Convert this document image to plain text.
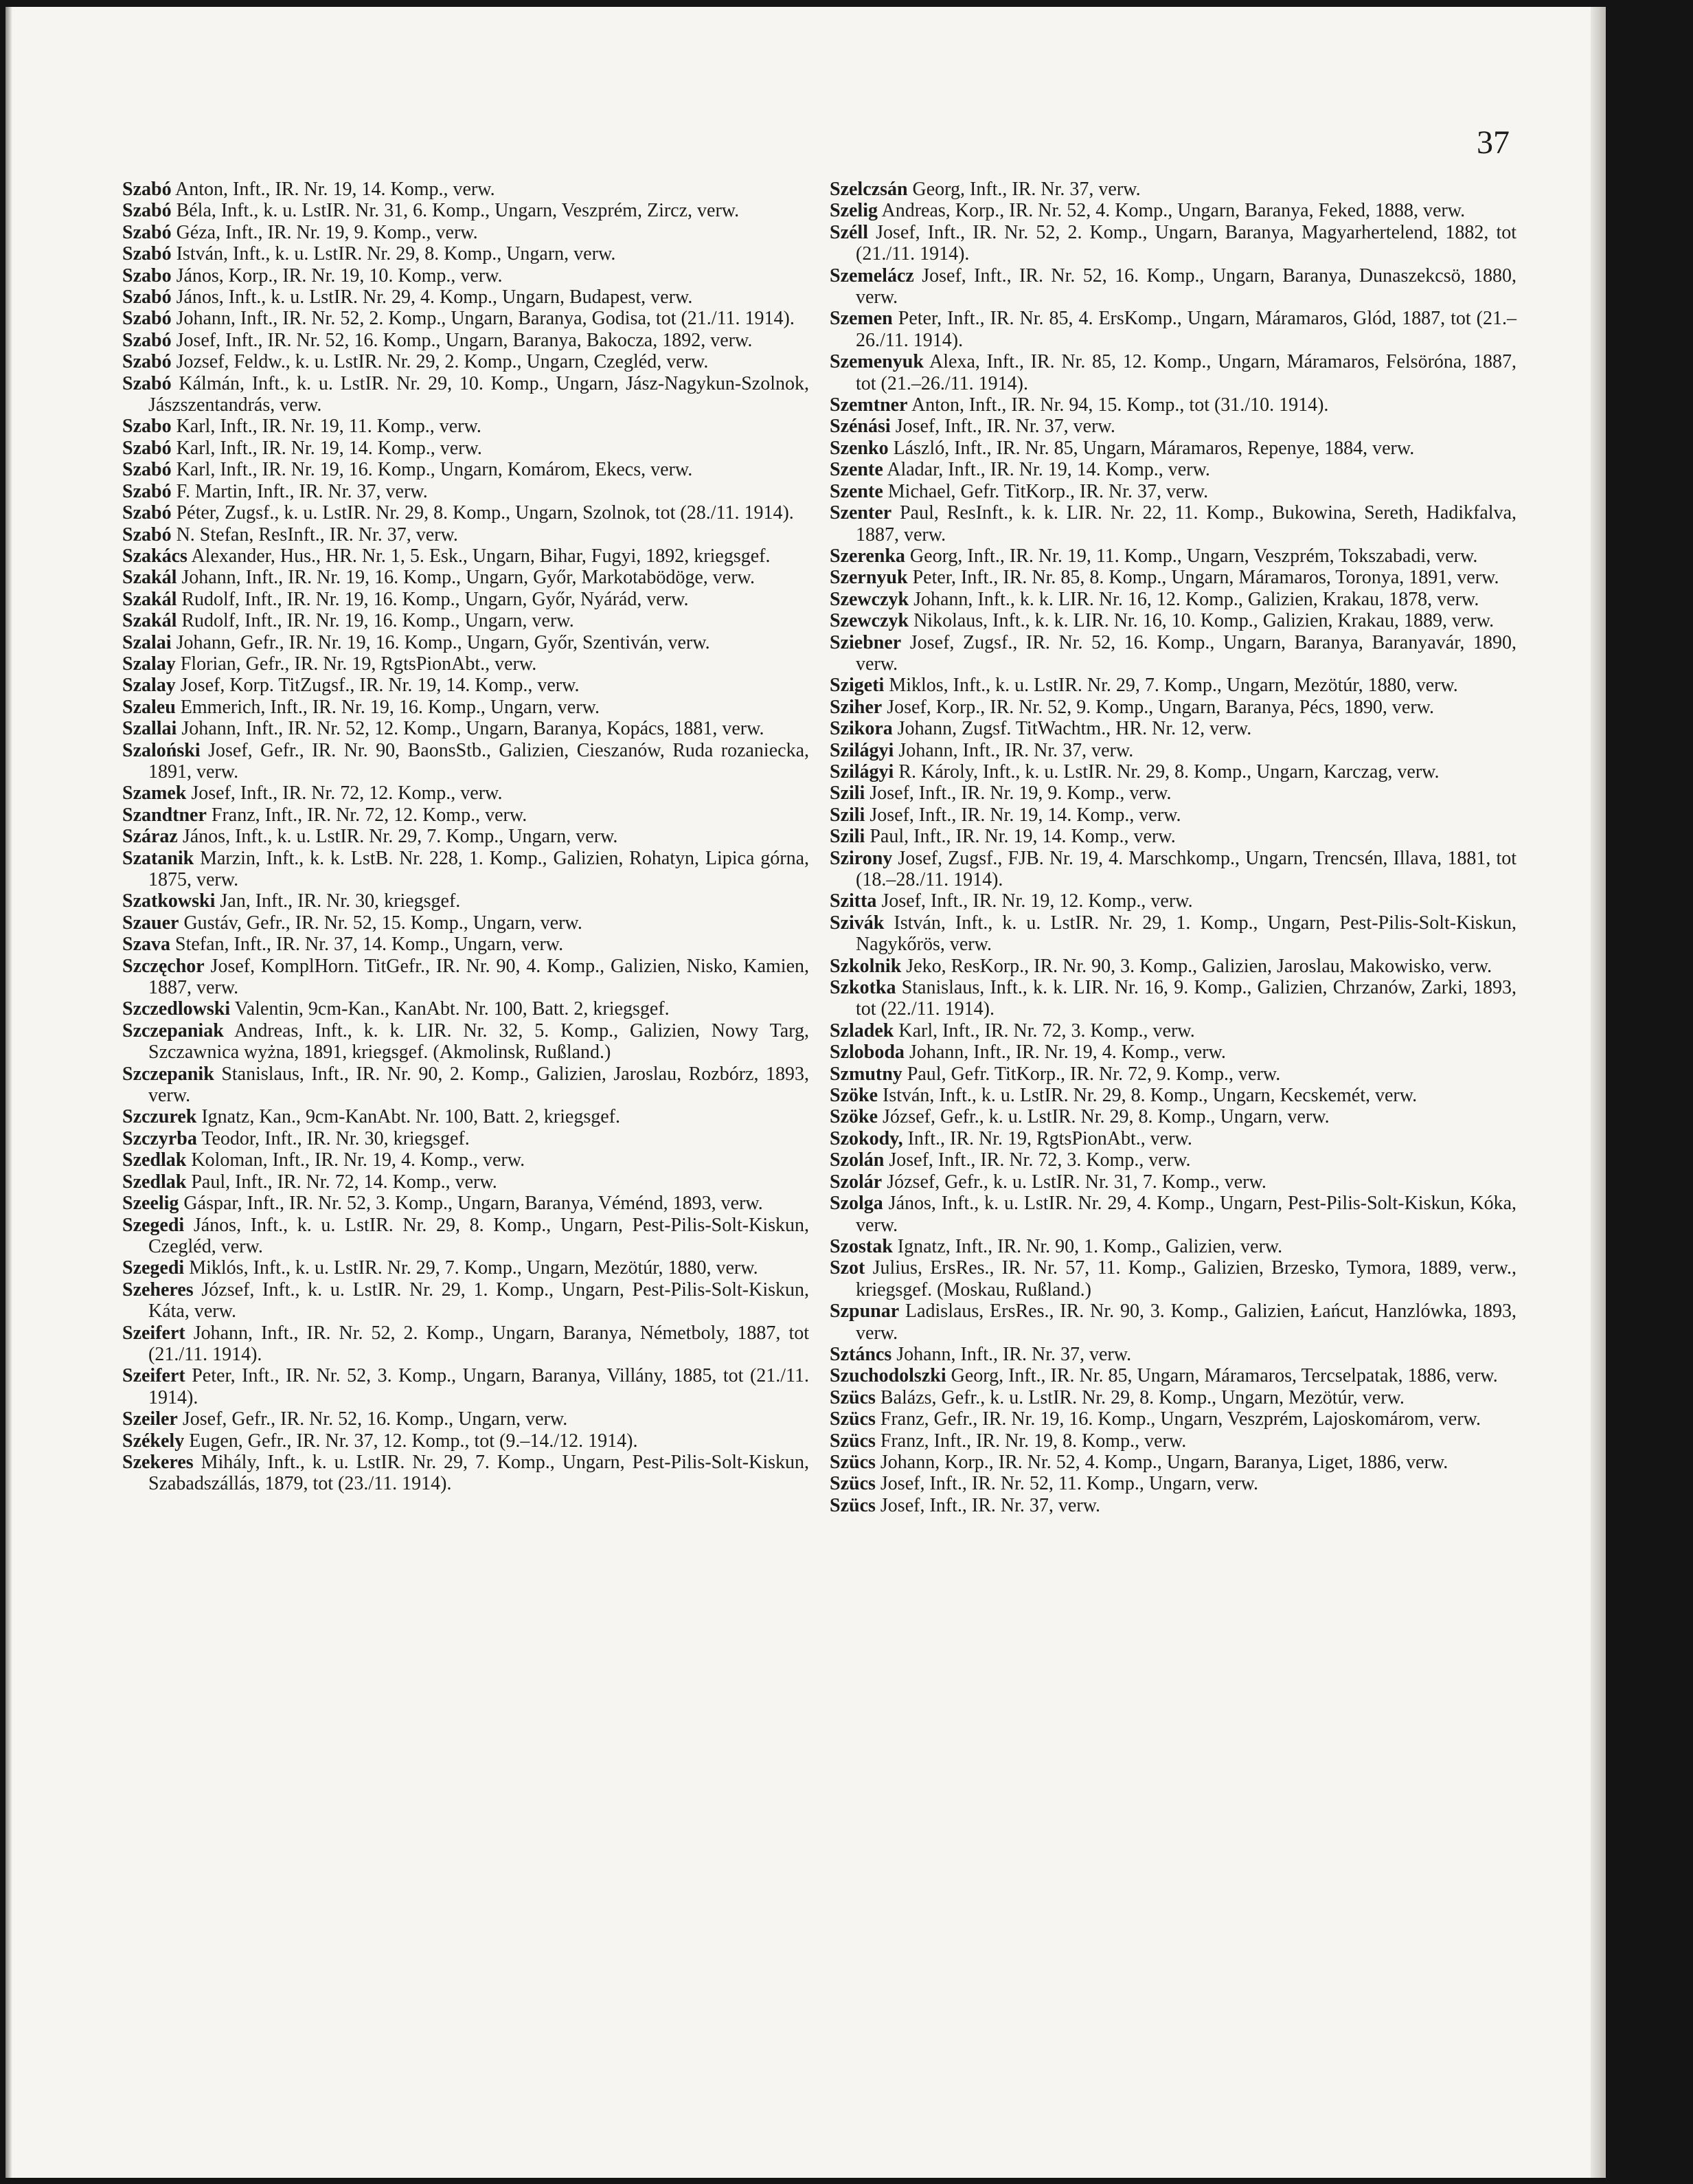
37
Szabó Anton, Inft., IR. Nr. 19, 14. Komp., verw.
Szabó Béla, Inft., k. u. LstIR. Nr. 31, 6. Komp., Ungarn, Veszprém, Zircz, verw.
Szabó Géza, Inft., IR. Nr. 19, 9. Komp., verw.
Szabó István, Inft., k. u. LstIR. Nr. 29, 8. Komp., Ungarn, verw.
Szabo János, Korp., IR. Nr. 19, 10. Komp., verw.
Szabó János, Inft., k. u. LstIR. Nr. 29, 4. Komp., Ungarn, Budapest, verw.
Szabó Johann, Inft., IR. Nr. 52, 2. Komp., Ungarn, Baranya, Godisa, tot (21./11. 1914).
Szabó Josef, Inft., IR. Nr. 52, 16. Komp., Ungarn, Baranya, Bakocza, 1892, verw.
Szabó Jozsef, Feldw., k. u. LstIR. Nr. 29, 2. Komp., Ungarn, Czegléd, verw.
Szabó Kálmán, Inft., k. u. LstIR. Nr. 29, 10. Komp., Ungarn, Jász-Nagykun-Szolnok, Jászszentandrás, verw.
Szabo Karl, Inft., IR. Nr. 19, 11. Komp., verw.
Szabó Karl, Inft., IR. Nr. 19, 14. Komp., verw.
Szabó Karl, Inft., IR. Nr. 19, 16. Komp., Ungarn, Komárom, Ekecs, verw.
Szabó F. Martin, Inft., IR. Nr. 37, verw.
Szabó Péter, Zugsf., k. u. LstIR. Nr. 29, 8. Komp., Ungarn, Szolnok, tot (28./11. 1914).
Szabó N. Stefan, ResInft., IR. Nr. 37, verw.
Szakács Alexander, Hus., HR. Nr. 1, 5. Esk., Ungarn, Bihar, Fugyi, 1892, kriegsgef.
Szakál Johann, Inft., IR. Nr. 19, 16. Komp., Ungarn, Győr, Markotabödöge, verw.
Szakál Rudolf, Inft., IR. Nr. 19, 16. Komp., Ungarn, Győr, Nyárád, verw.
Szakál Rudolf, Inft., IR. Nr. 19, 16. Komp., Ungarn, verw.
Szalai Johann, Gefr., IR. Nr. 19, 16. Komp., Ungarn, Győr, Szentiván, verw.
Szalay Florian, Gefr., IR. Nr. 19, RgtsPionAbt., verw.
Szalay Josef, Korp. TitZugsf., IR. Nr. 19, 14. Komp., verw.
Szaleu Emmerich, Inft., IR. Nr. 19, 16. Komp., Ungarn, verw.
Szallai Johann, Inft., IR. Nr. 52, 12. Komp., Ungarn, Baranya, Kopács, 1881, verw.
Szaloński Josef, Gefr., IR. Nr. 90, BaonsStb., Galizien, Cieszanów, Ruda rozaniecka, 1891, verw.
Szamek Josef, Inft., IR. Nr. 72, 12. Komp., verw.
Szandtner Franz, Inft., IR. Nr. 72, 12. Komp., verw.
Száraz János, Inft., k. u. LstIR. Nr. 29, 7. Komp., Ungarn, verw.
Szatanik Marzin, Inft., k. k. LstB. Nr. 228, 1. Komp., Galizien, Rohatyn, Lipica górna, 1875, verw.
Szatkowski Jan, Inft., IR. Nr. 30, kriegsgef.
Szauer Gustáv, Gefr., IR. Nr. 52, 15. Komp., Ungarn, verw.
Szava Stefan, Inft., IR. Nr. 37, 14. Komp., Ungarn, verw.
Szczęchor Josef, KomplHorn. TitGefr., IR. Nr. 90, 4. Komp., Galizien, Nisko, Kamien, 1887, verw.
Szczedlowski Valentin, 9cm-Kan., KanAbt. Nr. 100, Batt. 2, kriegsgef.
Szczepaniak Andreas, Inft., k. k. LIR. Nr. 32, 5. Komp., Galizien, Nowy Targ, Szczawnica wyżna, 1891, kriegsgef. (Akmolinsk, Rußland.)
Szczepanik Stanislaus, Inft., IR. Nr. 90, 2. Komp., Galizien, Jaroslau, Rozbórz, 1893, verw.
Szczurek Ignatz, Kan., 9cm-KanAbt. Nr. 100, Batt. 2, kriegsgef.
Szczyrba Teodor, Inft., IR. Nr. 30, kriegsgef.
Szedlak Koloman, Inft., IR. Nr. 19, 4. Komp., verw.
Szedlak Paul, Inft., IR. Nr. 72, 14. Komp., verw.
Szeelig Gáspar, Inft., IR. Nr. 52, 3. Komp., Ungarn, Baranya, Véménd, 1893, verw.
Szegedi János, Inft., k. u. LstIR. Nr. 29, 8. Komp., Ungarn, Pest-Pilis-Solt-Kiskun, Czegléd, verw.
Szegedi Miklós, Inft., k. u. LstIR. Nr. 29, 7. Komp., Ungarn, Mezötúr, 1880, verw.
Szeheres József, Inft., k. u. LstIR. Nr. 29, 1. Komp., Ungarn, Pest-Pilis-Solt-Kiskun, Káta, verw.
Szeifert Johann, Inft., IR. Nr. 52, 2. Komp., Ungarn, Baranya, Németboly, 1887, tot (21./11. 1914).
Szeifert Peter, Inft., IR. Nr. 52, 3. Komp., Ungarn, Baranya, Villány, 1885, tot (21./11. 1914).
Szeiler Josef, Gefr., IR. Nr. 52, 16. Komp., Ungarn, verw.
Székely Eugen, Gefr., IR. Nr. 37, 12. Komp., tot (9.–14./12. 1914).
Szekeres Mihály, Inft., k. u. LstIR. Nr. 29, 7. Komp., Ungarn, Pest-Pilis-Solt-Kiskun, Szabadszállás, 1879, tot (23./11. 1914).
Szelczsán Georg, Inft., IR. Nr. 37, verw.
Szelig Andreas, Korp., IR. Nr. 52, 4. Komp., Ungarn, Baranya, Feked, 1888, verw.
Széll Josef, Inft., IR. Nr. 52, 2. Komp., Ungarn, Baranya, Magyarhertelend, 1882, tot (21./11. 1914).
Szemelácz Josef, Inft., IR. Nr. 52, 16. Komp., Ungarn, Baranya, Dunaszekcsö, 1880, verw.
Szemen Peter, Inft., IR. Nr. 85, 4. ErsKomp., Ungarn, Máramaros, Glód, 1887, tot (21.–26./11. 1914).
Szemenyuk Alexa, Inft., IR. Nr. 85, 12. Komp., Ungarn, Máramaros, Felsöróna, 1887, tot (21.–26./11. 1914).
Szemtner Anton, Inft., IR. Nr. 94, 15. Komp., tot (31./10. 1914).
Szénási Josef, Inft., IR. Nr. 37, verw.
Szenko László, Inft., IR. Nr. 85, Ungarn, Máramaros, Repenye, 1884, verw.
Szente Aladar, Inft., IR. Nr. 19, 14. Komp., verw.
Szente Michael, Gefr. TitKorp., IR. Nr. 37, verw.
Szenter Paul, ResInft., k. k. LIR. Nr. 22, 11. Komp., Bukowina, Sereth, Hadikfalva, 1887, verw.
Szerenka Georg, Inft., IR. Nr. 19, 11. Komp., Ungarn, Veszprém, Tokszabadi, verw.
Szernyuk Peter, Inft., IR. Nr. 85, 8. Komp., Ungarn, Máramaros, Toronya, 1891, verw.
Szewczyk Johann, Inft., k. k. LIR. Nr. 16, 12. Komp., Galizien, Krakau, 1878, verw.
Szewczyk Nikolaus, Inft., k. k. LIR. Nr. 16, 10. Komp., Galizien, Krakau, 1889, verw.
Sziebner Josef, Zugsf., IR. Nr. 52, 16. Komp., Ungarn, Baranya, Baranyavár, 1890, verw.
Szigeti Miklos, Inft., k. u. LstIR. Nr. 29, 7. Komp., Ungarn, Mezötúr, 1880, verw.
Sziher Josef, Korp., IR. Nr. 52, 9. Komp., Ungarn, Baranya, Pécs, 1890, verw.
Szikora Johann, Zugsf. TitWachtm., HR. Nr. 12, verw.
Szilágyi Johann, Inft., IR. Nr. 37, verw.
Szilágyi R. Károly, Inft., k. u. LstIR. Nr. 29, 8. Komp., Ungarn, Karczag, verw.
Szili Josef, Inft., IR. Nr. 19, 9. Komp., verw.
Szili Josef, Inft., IR. Nr. 19, 14. Komp., verw.
Szili Paul, Inft., IR. Nr. 19, 14. Komp., verw.
Szirony Josef, Zugsf., FJB. Nr. 19, 4. Marschkomp., Ungarn, Trencsén, Illava, 1881, tot (18.–28./11. 1914).
Szitta Josef, Inft., IR. Nr. 19, 12. Komp., verw.
Szivák István, Inft., k. u. LstIR. Nr. 29, 1. Komp., Ungarn, Pest-Pilis-Solt-Kiskun, Nagykőrös, verw.
Szkolnik Jeko, ResKorp., IR. Nr. 90, 3. Komp., Galizien, Jaroslau, Makowisko, verw.
Szkotka Stanislaus, Inft., k. k. LIR. Nr. 16, 9. Komp., Galizien, Chrzanów, Zarki, 1893, tot (22./11. 1914).
Szladek Karl, Inft., IR. Nr. 72, 3. Komp., verw.
Szloboda Johann, Inft., IR. Nr. 19, 4. Komp., verw.
Szmutny Paul, Gefr. TitKorp., IR. Nr. 72, 9. Komp., verw.
Szöke István, Inft., k. u. LstIR. Nr. 29, 8. Komp., Ungarn, Kecskemét, verw.
Szöke József, Gefr., k. u. LstIR. Nr. 29, 8. Komp., Ungarn, verw.
Szokody, Inft., IR. Nr. 19, RgtsPionAbt., verw.
Szolán Josef, Inft., IR. Nr. 72, 3. Komp., verw.
Szolár József, Gefr., k. u. LstIR. Nr. 31, 7. Komp., verw.
Szolga János, Inft., k. u. LstIR. Nr. 29, 4. Komp., Ungarn, Pest-Pilis-Solt-Kiskun, Kóka, verw.
Szostak Ignatz, Inft., IR. Nr. 90, 1. Komp., Galizien, verw.
Szot Julius, ErsRes., IR. Nr. 57, 11. Komp., Galizien, Brzesko, Tymora, 1889, verw., kriegsgef. (Moskau, Rußland.)
Szpunar Ladislaus, ErsRes., IR. Nr. 90, 3. Komp., Galizien, Łańcut, Hanzlówka, 1893, verw.
Sztáncs Johann, Inft., IR. Nr. 37, verw.
Szuchodolszki Georg, Inft., IR. Nr. 85, Ungarn, Máramaros, Tercselpatak, 1886, verw.
Szücs Balázs, Gefr., k. u. LstIR. Nr. 29, 8. Komp., Ungarn, Mezötúr, verw.
Szücs Franz, Gefr., IR. Nr. 19, 16. Komp., Ungarn, Veszprém, Lajoskomárom, verw.
Szücs Franz, Inft., IR. Nr. 19, 8. Komp., verw.
Szücs Johann, Korp., IR. Nr. 52, 4. Komp., Ungarn, Baranya, Liget, 1886, verw.
Szücs Josef, Inft., IR. Nr. 52, 11. Komp., Ungarn, verw.
Szücs Josef, Inft., IR. Nr. 37, verw.
